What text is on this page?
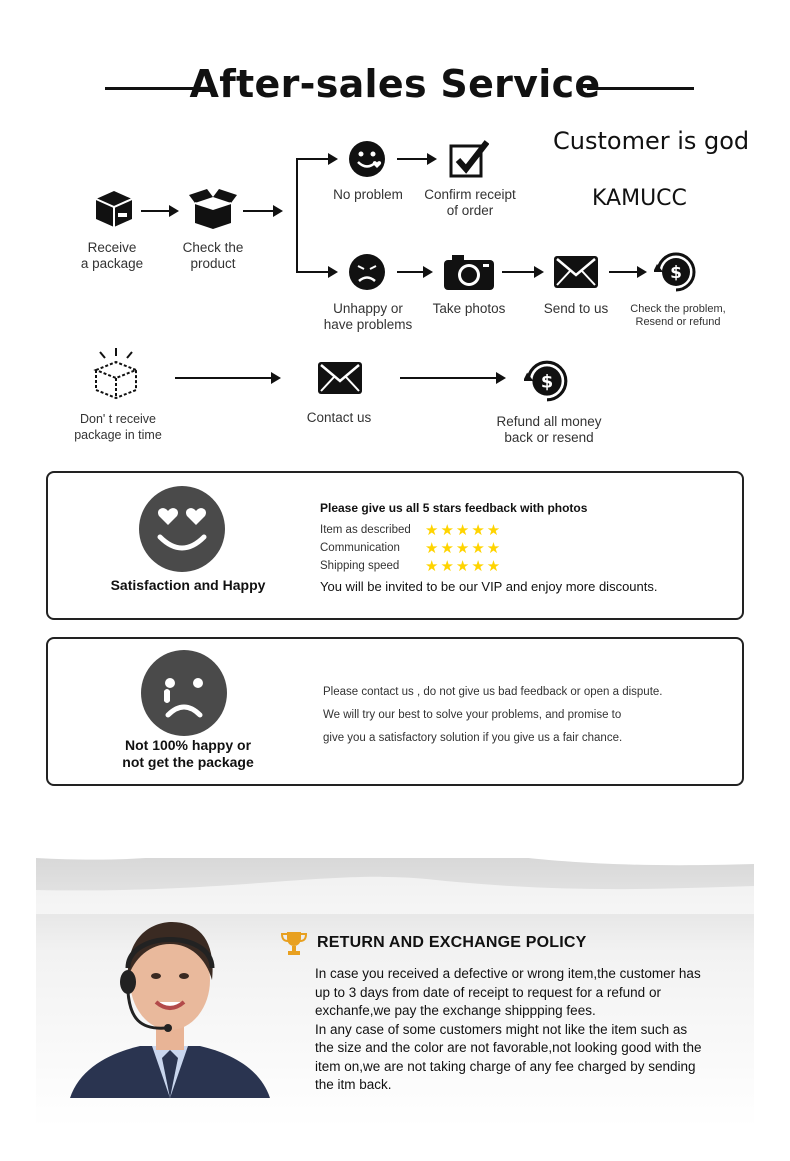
After-sales Service
Customer is god
KAMUCC
Receive
a package
Check the
product
No problem	Confirm receipt
of order
Unhappy or
have problems
Take photos	Send to us
$
Check the problem,
Resend or refund
Don' t receive
package in time
Contact us
$
Refund all money
back or resend
Satisfaction and Happy
Please give us all 5 stars feedback with photos
Item as described ★★★★★
Communication ★★★★★
Shipping speed ★★★★★
You will be invited to be our VIP and enjoy more discounts.
Not 100% happy or
not get the package
Please contact us , do not give us bad feedback or open a dispute.
We will try our best to solve your problems, and promise to
give you a satisfactory solution if you give us a fair chance.
RETURN AND EXCHANGE POLICY
In case you received a defective or wrong item,the customer has
up to 3 days from date of receipt to request for a refund or
exchanfe,we pay the exchange shippping fees.
In any case of some customers might not like the item such as
the size and the color are not favorable,not looking good with the
item on,we are not taking charge of any fee charged by sending
the itm back.
